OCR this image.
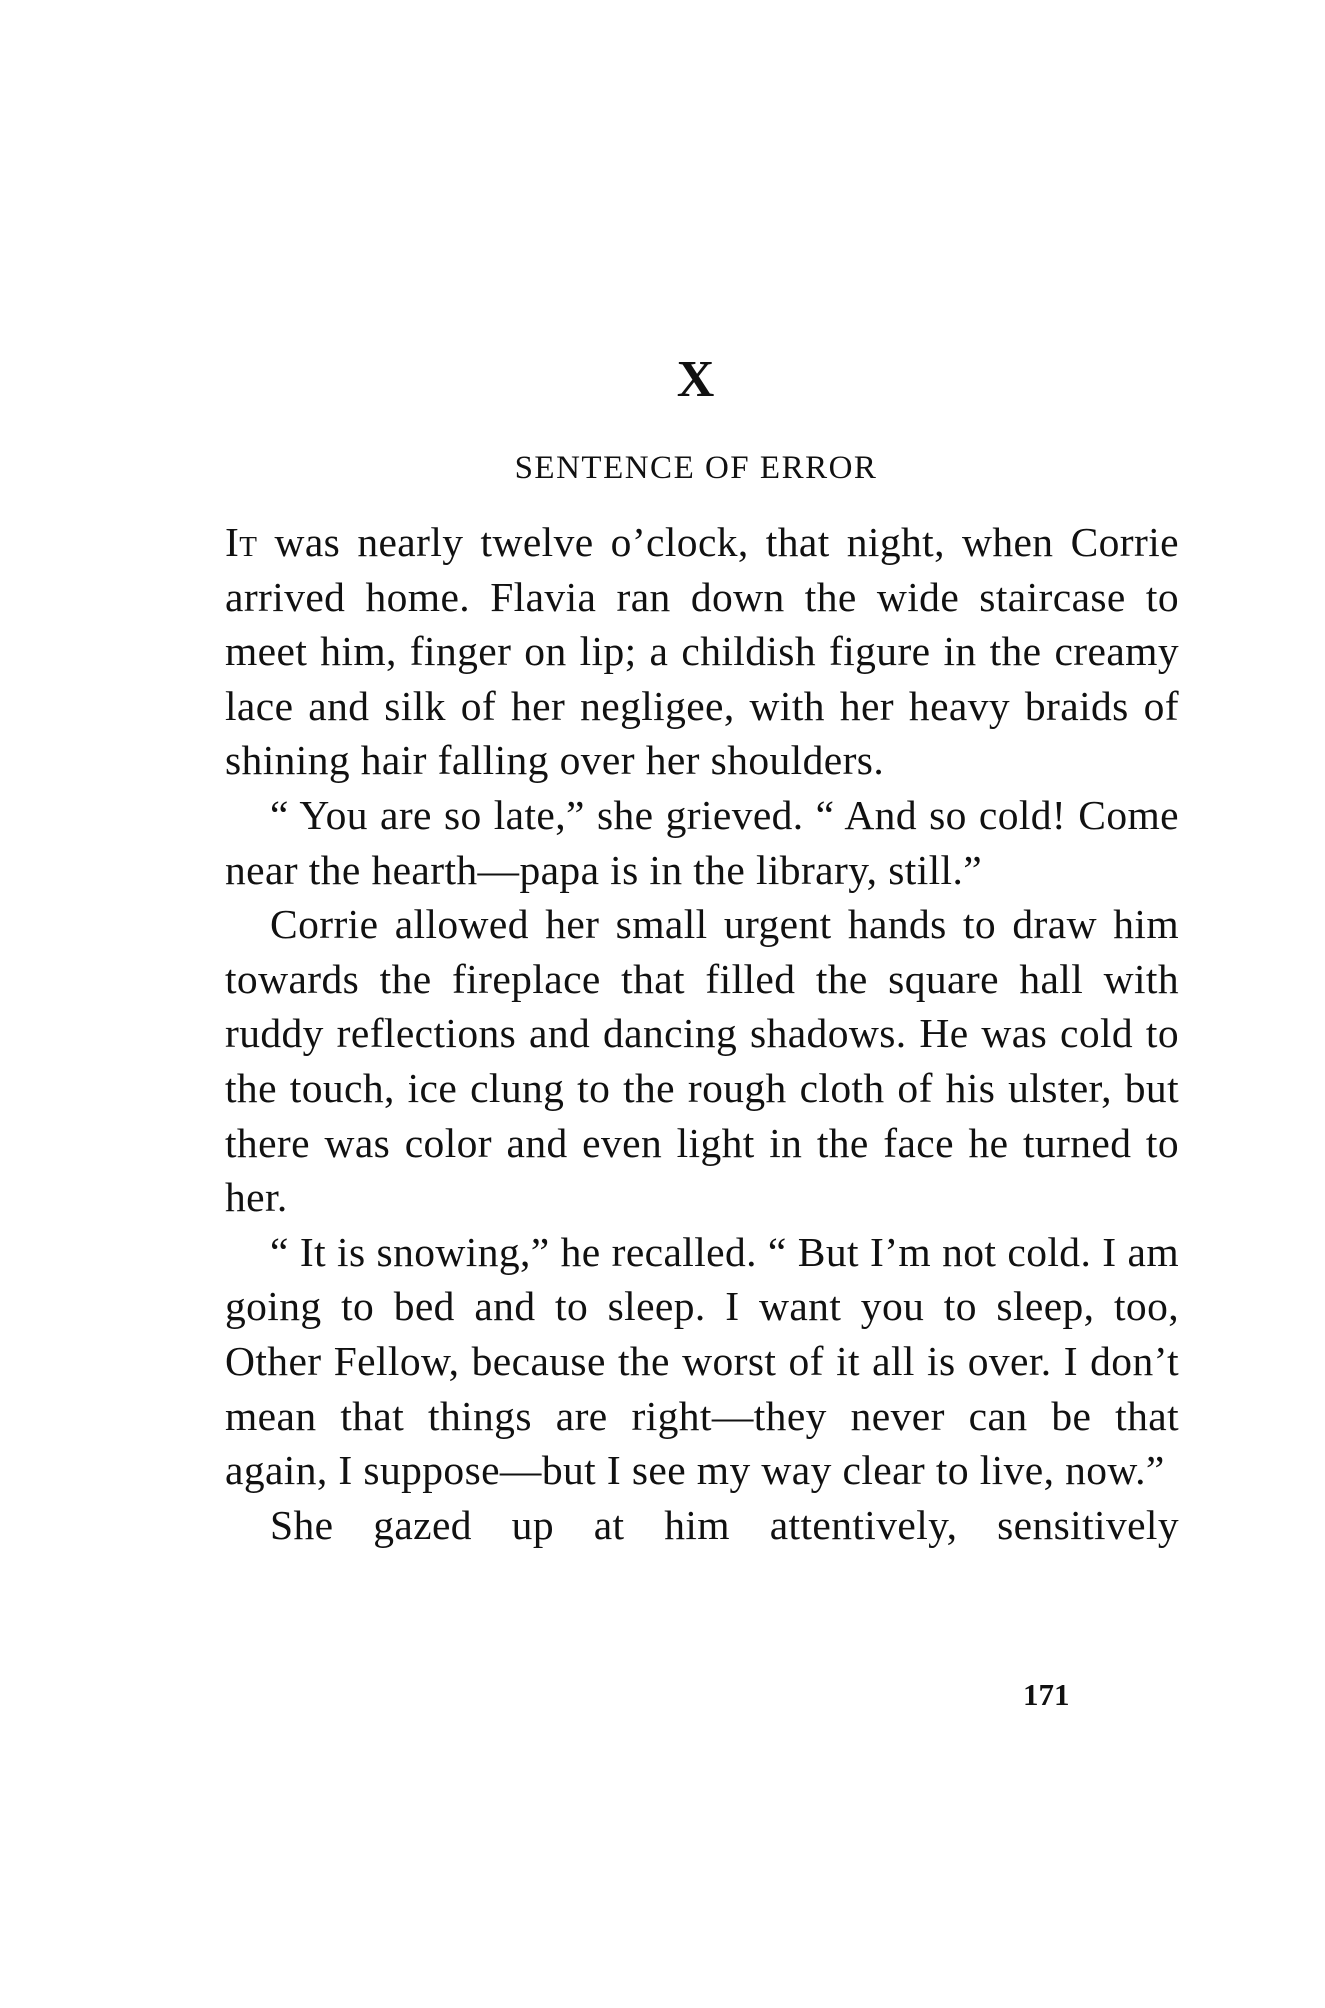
X
SENTENCE OF ERROR

It was nearly twelve o’clock, that night, when Corrie arrived home. Flavia ran down the wide staircase to meet him, finger on lip; a childish figure in the creamy lace and silk of her negligee, with her heavy braids of shining hair falling over her shoulders.

“ You are so late,” she grieved. “ And so cold! Come near the hearth—papa is in the library, still.”

Corrie allowed her small urgent hands to draw him towards the fireplace that filled the square hall with ruddy reflections and dancing shadows. He was cold to the touch, ice clung to the rough cloth of his ulster, but there was color and even light in the face he turned to her.

“ It is snowing,” he recalled. “ But I’m not cold. I am going to bed and to sleep. I want you to sleep, too, Other Fellow, because the worst of it all is over. I don’t mean that things are right—they never can be that again, I suppose—but I see my way clear to live, now.”

She gazed up at him attentively, sensitively

171
